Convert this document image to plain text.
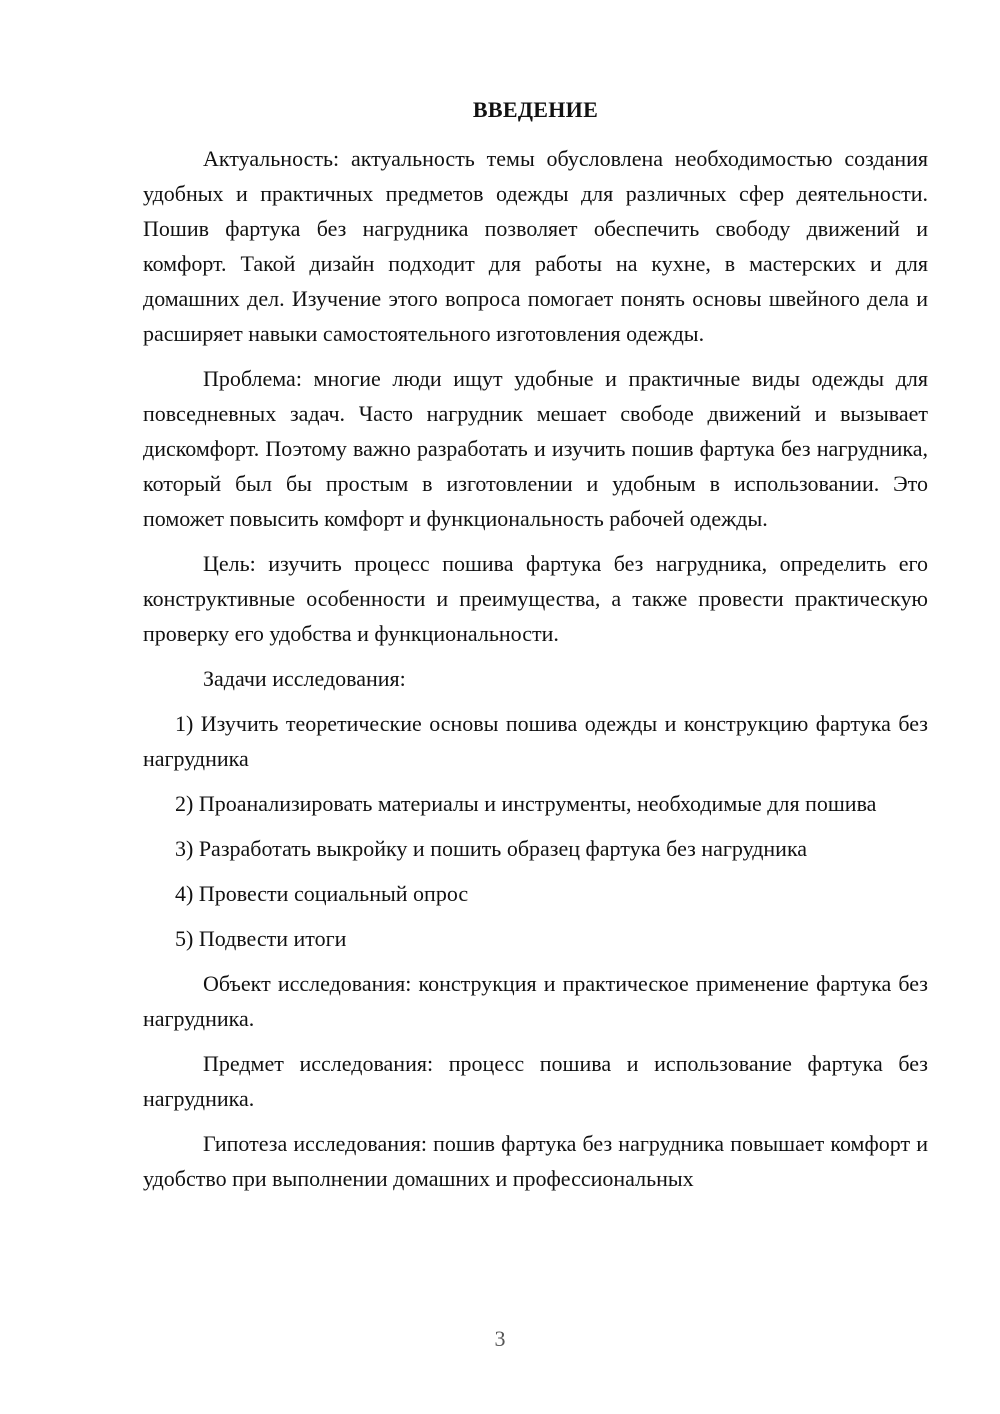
ВВЕДЕНИЕ

Актуальность: актуальность темы обусловлена необходимостью создания удобных и практичных предметов одежды для различных сфер деятельности. Пошив фартука без нагрудника позволяет обеспечить свободу движений и комфорт. Такой дизайн подходит для работы на кухне, в мастерских и для домашних дел. Изучение этого вопроса помогает понять основы швейного дела и расширяет навыки самостоятельного изготовления одежды.

Проблема: многие люди ищут удобные и практичные виды одежды для повседневных задач. Часто нагрудник мешает свободе движений и вызывает дискомфорт. Поэтому важно разработать и изучить пошив фартука без нагрудника, который был бы простым в изготовлении и удобным в использовании. Это поможет повысить комфорт и функциональность рабочей одежды.

Цель: изучить процесс пошива фартука без нагрудника, определить его конструктивные особенности и преимущества, а также провести практическую проверку его удобства и функциональности.

Задачи исследования:

1) Изучить теоретические основы пошива одежды и конструкцию фартука без нагрудника

2) Проанализировать материалы и инструменты, необходимые для пошива

3) Разработать выкройку и пошить образец фартука без нагрудника

4) Провести социальный опрос

5) Подвести итоги

Объект исследования: конструкция и практическое применение фартука без нагрудника.

Предмет исследования: процесс пошива и использование фартука без нагрудника.

Гипотеза исследования: пошив фартука без нагрудника повышает комфорт и удобство при выполнении домашних и профессиональных

3
